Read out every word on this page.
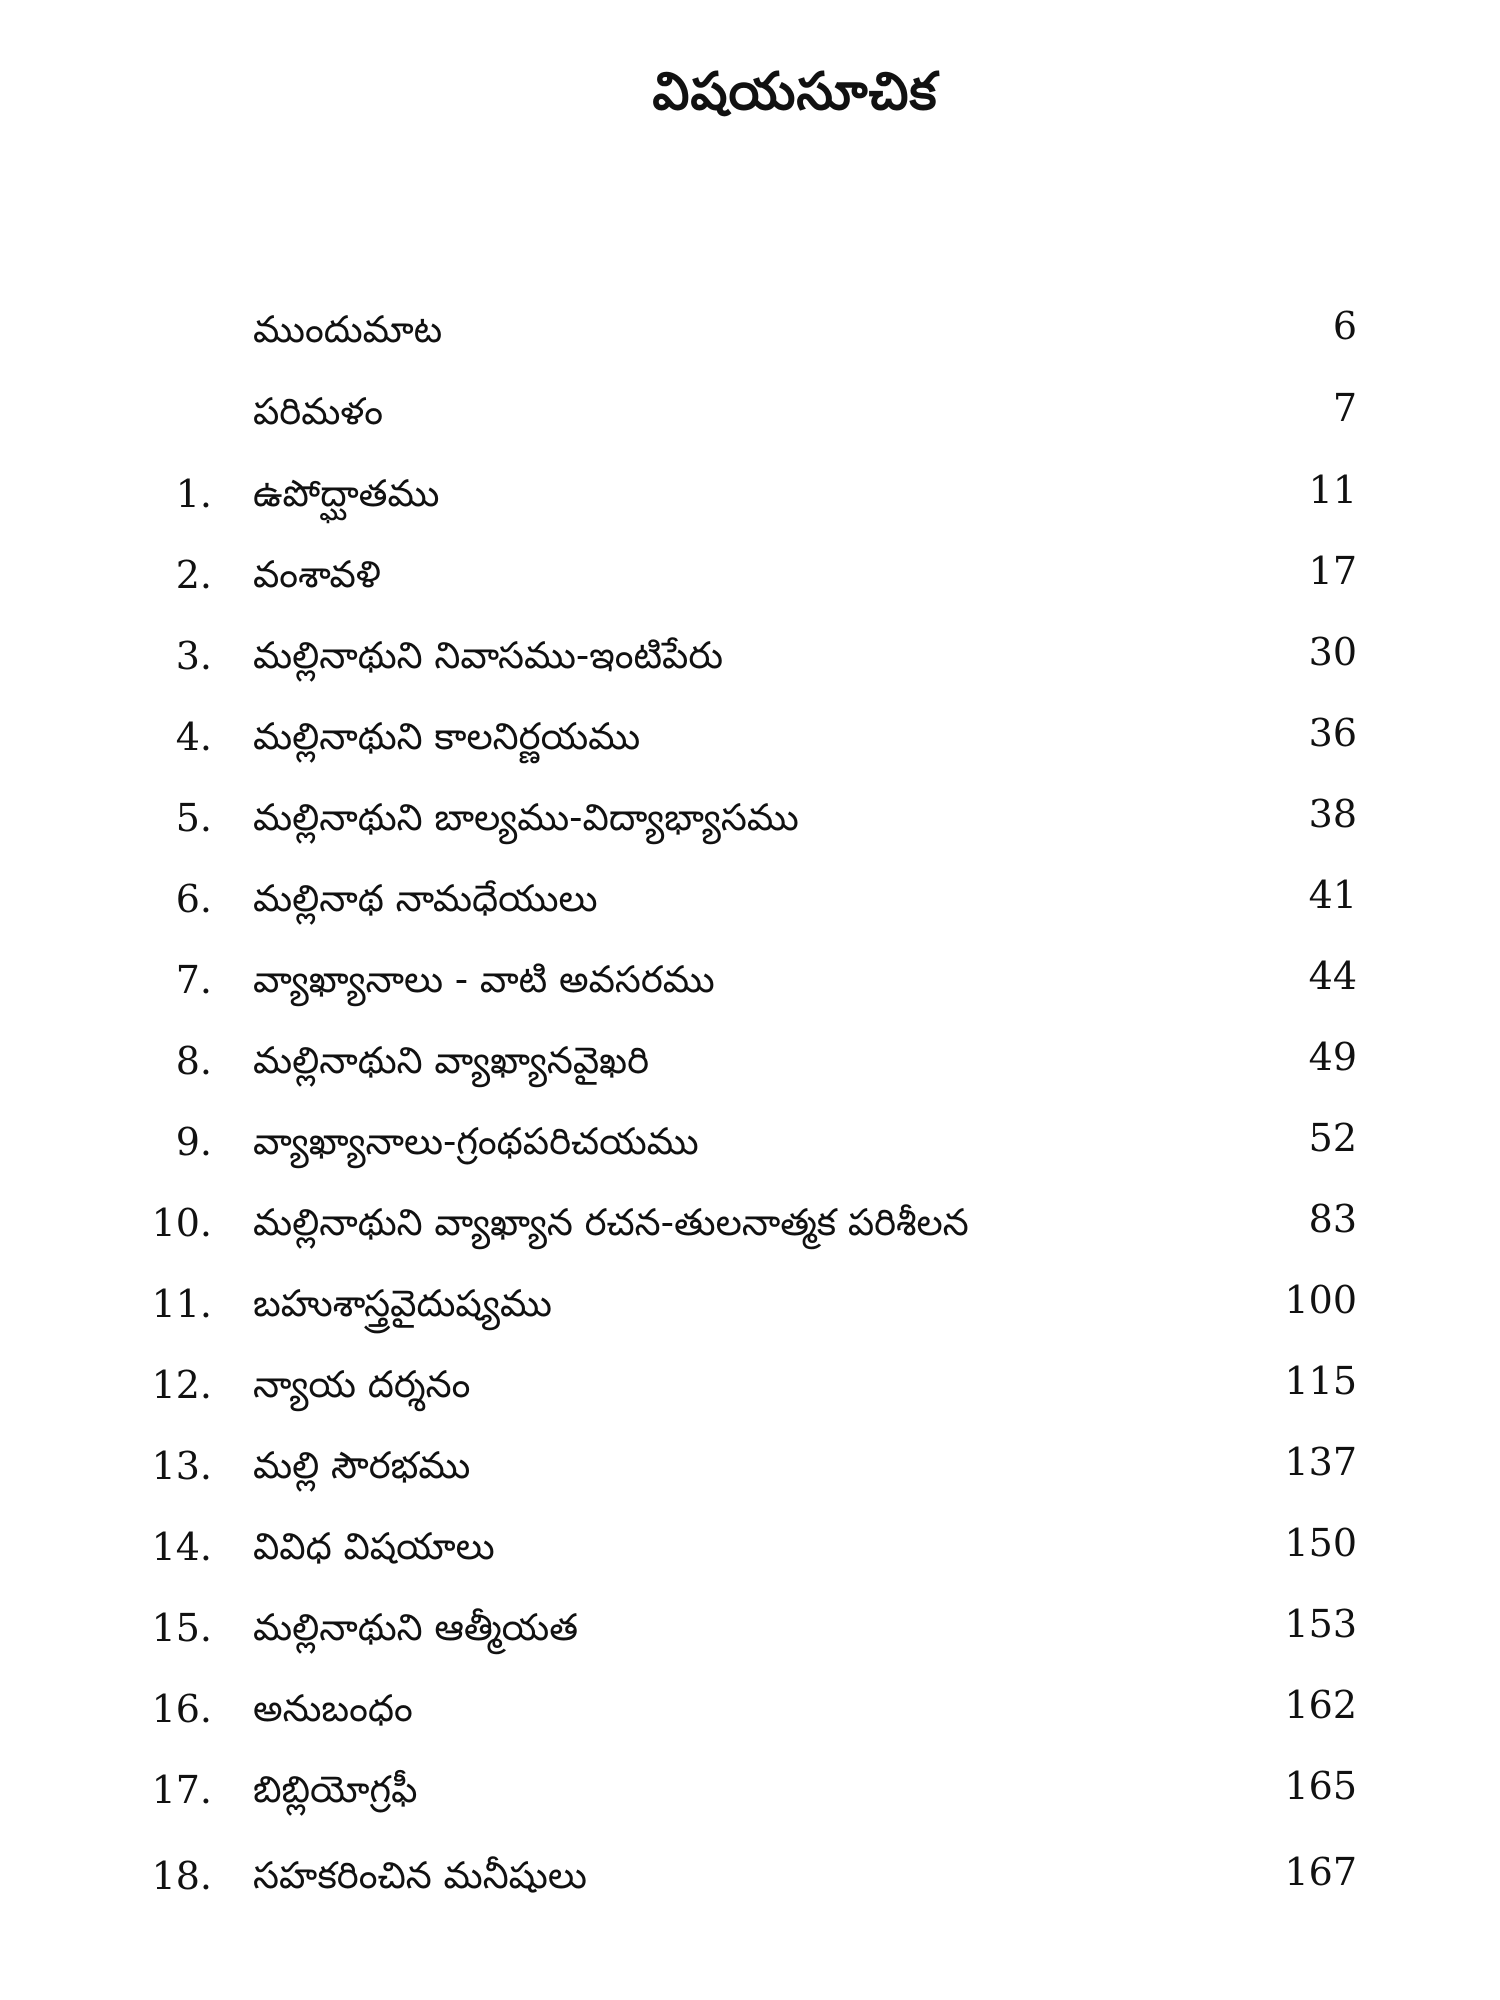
విషయసూచిక
ముందుమాట	6
పరిమళం	7
1. ఉపోద్ఘాతము	11
2. వంశావళి	17
3. మల్లినాథుని నివాసము-ఇంటిపేరు	30
4. మల్లినాథుని కాలనిర్ణయము	36
5. మల్లినాథుని బాల్యము-విద్యాభ్యాసము	38
6. మల్లినాథ నామధేయులు	41
7. వ్యాఖ్యానాలు - వాటి అవసరము	44
8. మల్లినాథుని వ్యాఖ్యానవైఖరి	49
9. వ్యాఖ్యానాలు-గ్రంథపరిచయము	52
10. మల్లినాథుని వ్యాఖ్యాన రచన-తులనాత్మక పరిశీలన	83
11. బహుశాస్త్రవైదుష్యము	100
12. న్యాయ దర్శనం	115
13. మల్లి సౌరభము	137
14. వివిధ విషయాలు	150
15. మల్లినాథుని ఆత్మీయత	153
16. అనుబంధం	162
17. బిబ్లియోగ్రఫీ	165
18. సహకరించిన మనీషులు	167
